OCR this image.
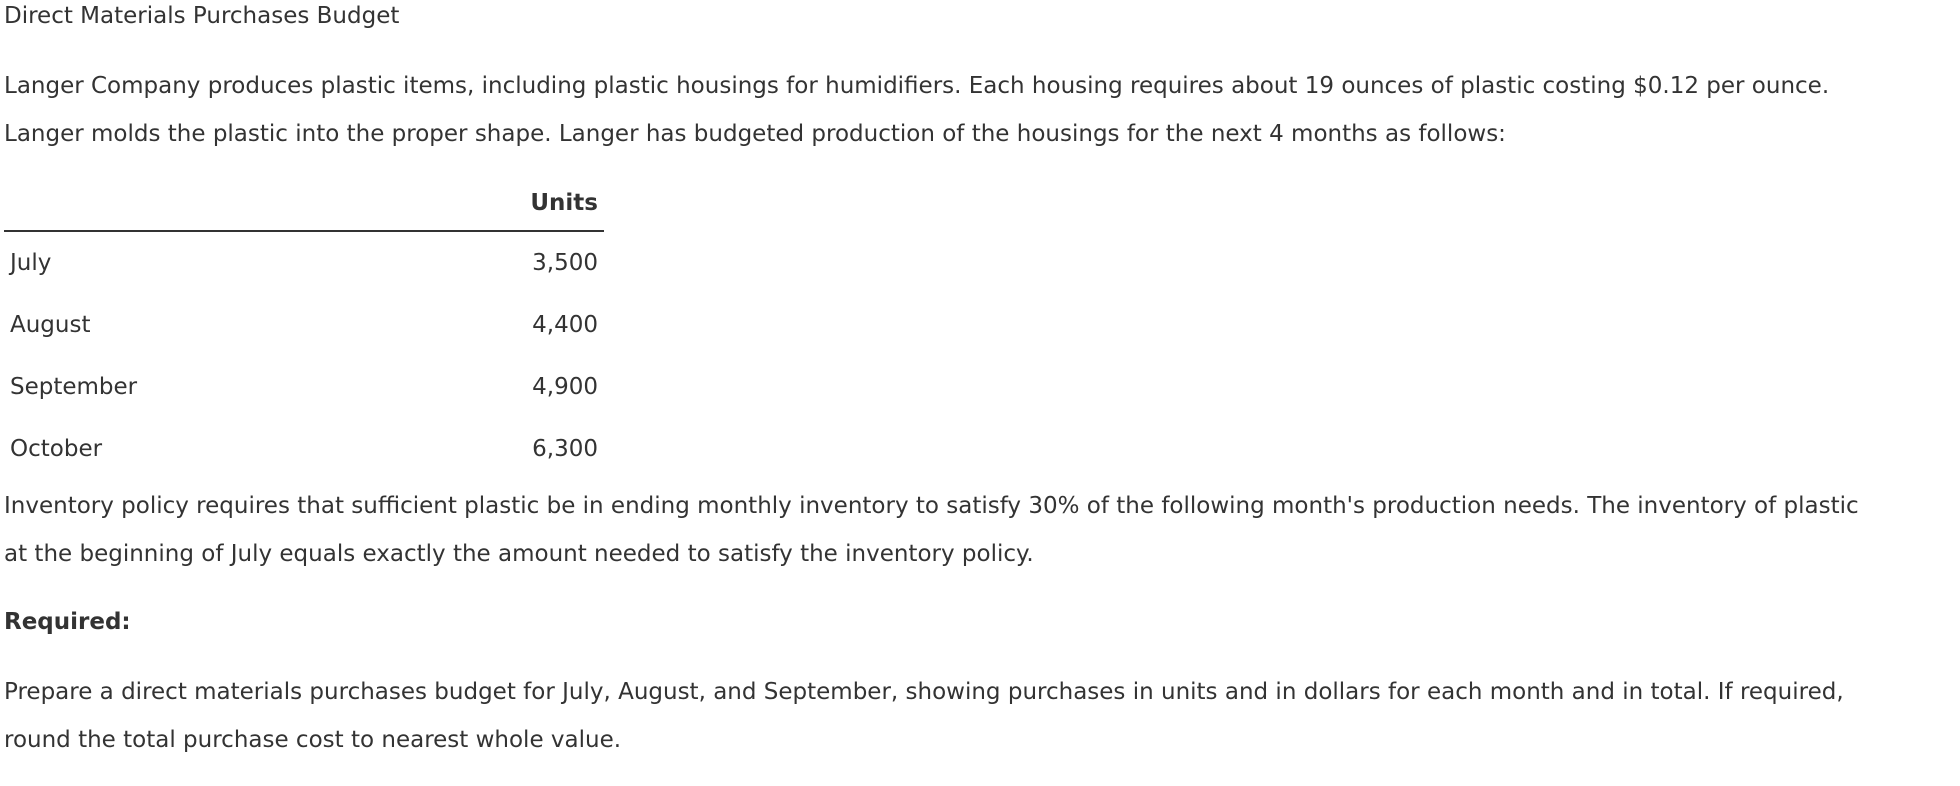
Direct Materials Purchases Budget
Langer Company produces plastic items, including plastic housings for humidifiers. Each housing requires about 19 ounces of plastic costing $0.12 per ounce.
Langer molds the plastic into the proper shape. Langer has budgeted production of the housings for the next 4 months as follows:
	Units
July	3,500
August	4,400
September	4,900
October	6,300
Inventory policy requires that sufficient plastic be in ending monthly inventory to satisfy 30% of the following month's production needs. The inventory of plastic
at the beginning of July equals exactly the amount needed to satisfy the inventory policy.
Required:
Prepare a direct materials purchases budget for July, August, and September, showing purchases in units and in dollars for each month and in total. If required,
round the total purchase cost to nearest whole value.
